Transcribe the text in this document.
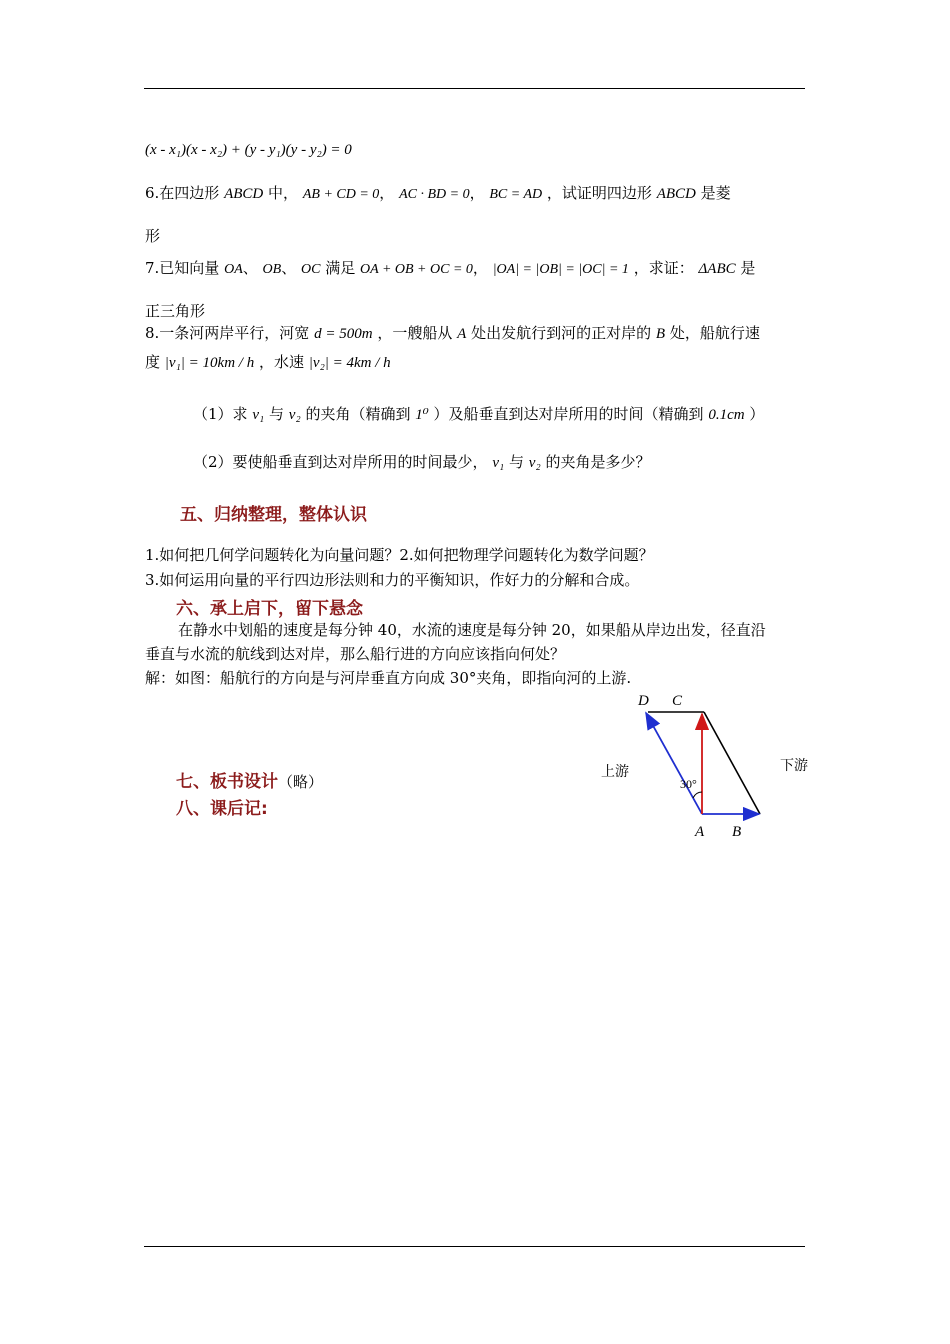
(x - x₁)(x - x₂) + (y - y₁)(y - y₂) = 0
6.在四边形 ABCD 中， AB + CD = 0， AC · BD = 0， BC = AD ，试证明四边形 ABCD 是菱
形
7.已知向量 OA、 OB、 OC 满足 OA + OB + OC = 0， |OA| = |OB| = |OC| = 1 ，求证： ΔABC 是
正三角形
8.一条河两岸平行，河宽 d = 500m ，一艘船从 A 处出发航行到河的正对岸的 B 处，船航行速
度 |v₁| = 10km / h ，水速 |v₂| = 4km / h
（1）求 v₁ 与 v₂ 的夹角（精确到 1⁰ ）及船垂直到达对岸所用的时间（精确到 0.1cm ）
（2）要使船垂直到达对岸所用的时间最少， v₁ 与 v₂ 的夹角是多少？
五、归纳整理，整体认识
1.如何把几何学问题转化为向量问题？2.如何把物理学问题转化为数学问题？
3.如何运用向量的平行四边形法则和力的平衡知识，作好力的分解和合成。
六、承上启下，留下悬念
在静水中划船的速度是每分钟 40，水流的速度是每分钟 20，如果船从岸边出发，径直沿
垂直与水流的航线到达对岸，那么船行进的方向应该指向何处？
解：如图：船航行的方向是与河岸垂直方向成 30°夹角，即指向河的上游.
七、板书设计（略）
八、课后记:
D C
A B
上游	下游
30°
